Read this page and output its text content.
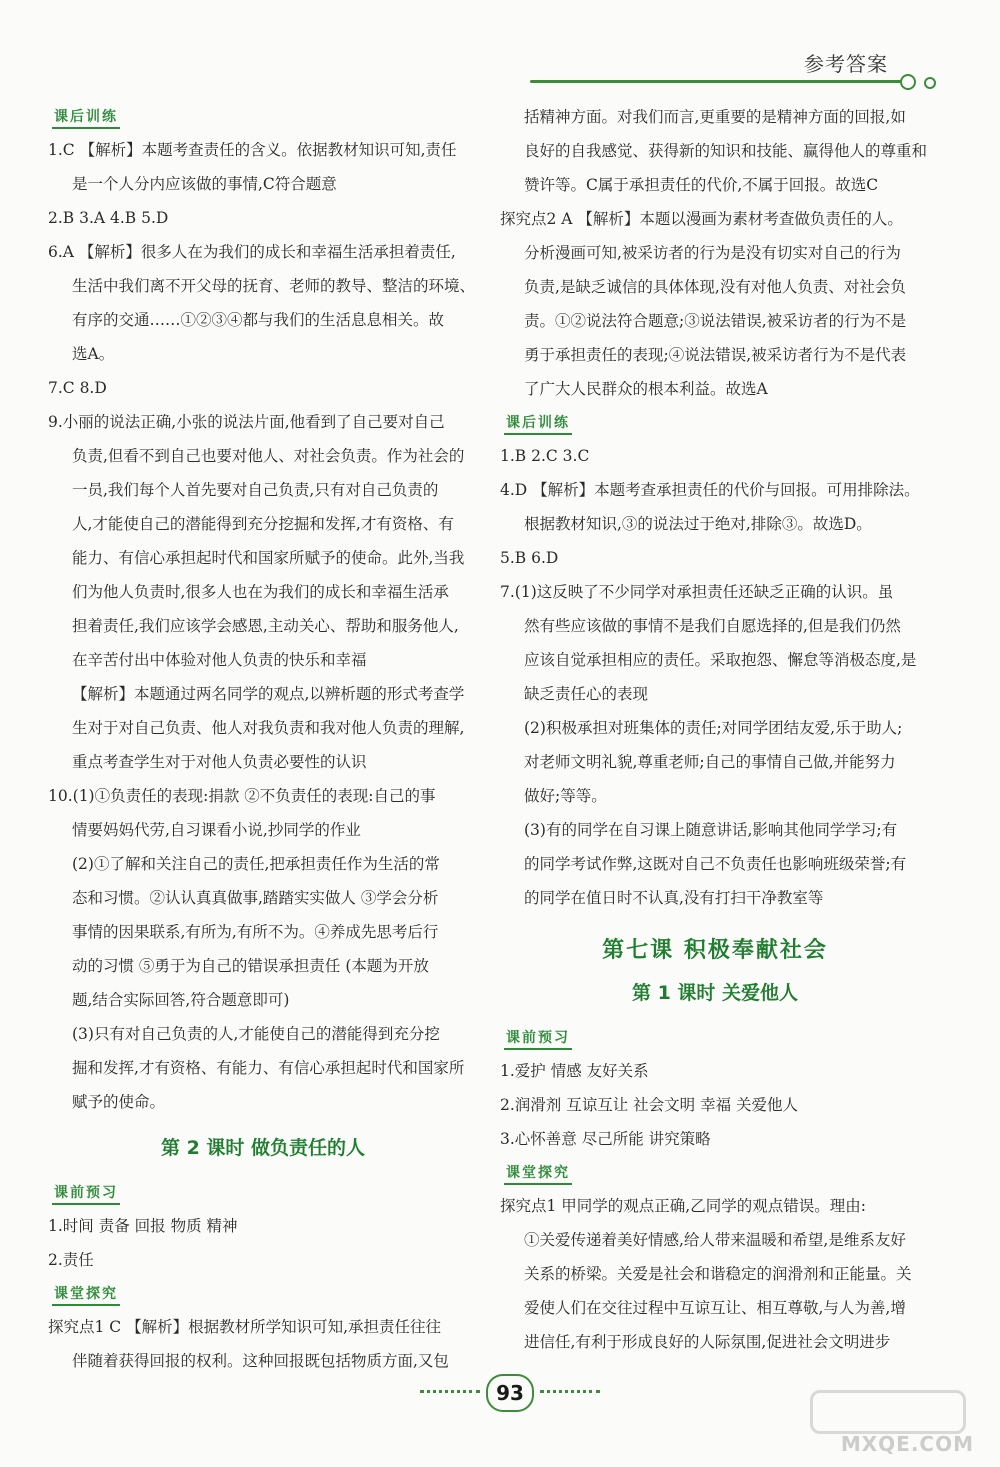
参考答案
课后训练

1.C 【解析】本题考查责任的含义。依据教材知识可知,责任

是一个人分内应该做的事情,C符合题意

2.B 3.A 4.B 5.D

6.A 【解析】很多人在为我们的成长和幸福生活承担着责任,

生活中我们离不开父母的抚育、老师的教导、整洁的环境、

有序的交通……①②③④都与我们的生活息息相关。故

选A。

7.C 8.D

9.小丽的说法正确,小张的说法片面,他看到了自己要对自己

负责,但看不到自己也要对他人、对社会负责。作为社会的

一员,我们每个人首先要对自己负责,只有对自己负责的

人,才能使自己的潜能得到充分挖掘和发挥,才有资格、有

能力、有信心承担起时代和国家所赋予的使命。此外,当我

们为他人负责时,很多人也在为我们的成长和幸福生活承

担着责任,我们应该学会感恩,主动关心、帮助和服务他人,

在辛苦付出中体验对他人负责的快乐和幸福

【解析】本题通过两名同学的观点,以辨析题的形式考查学

生对于对自己负责、他人对我负责和我对他人负责的理解,

重点考查学生对于对他人负责必要性的认识

10.(1)①负责任的表现:捐款 ②不负责任的表现:自己的事

情要妈妈代劳,自习课看小说,抄同学的作业

(2)①了解和关注自己的责任,把承担责任作为生活的常

态和习惯。②认认真真做事,踏踏实实做人 ③学会分析

事情的因果联系,有所为,有所不为。④养成先思考后行

动的习惯 ⑤勇于为自己的错误承担责任 (本题为开放

题,结合实际回答,符合题意即可)

(3)只有对自己负责的人,才能使自己的潜能得到充分挖

掘和发挥,才有资格、有能力、有信心承担起时代和国家所

赋予的使命。

第 2 课时 做负责任的人
课前预习

1.时间 责备 回报 物质 精神

2.责任

课堂探究

探究点1 C 【解析】根据教材所学知识可知,承担责任往往

伴随着获得回报的权利。这种回报既包括物质方面,又包

括精神方面。对我们而言,更重要的是精神方面的回报,如

良好的自我感觉、获得新的知识和技能、赢得他人的尊重和

赞许等。C属于承担责任的代价,不属于回报。故选C

探究点2 A 【解析】本题以漫画为素材考查做负责任的人。

分析漫画可知,被采访者的行为是没有切实对自己的行为

负责,是缺乏诚信的具体体现,没有对他人负责、对社会负

责。①②说法符合题意;③说法错误,被采访者的行为不是

勇于承担责任的表现;④说法错误,被采访者行为不是代表

了广大人民群众的根本利益。故选A

课后训练

1.B 2.C 3.C

4.D 【解析】本题考查承担责任的代价与回报。可用排除法。

根据教材知识,③的说法过于绝对,排除③。故选D。

5.B 6.D

7.(1)这反映了不少同学对承担责任还缺乏正确的认识。虽

然有些应该做的事情不是我们自愿选择的,但是我们仍然

应该自觉承担相应的责任。采取抱怨、懈怠等消极态度,是

缺乏责任心的表现

(2)积极承担对班集体的责任;对同学团结友爱,乐于助人;

对老师文明礼貌,尊重老师;自己的事情自己做,并能努力

做好;等等。

(3)有的同学在自习课上随意讲话,影响其他同学学习;有

的同学考试作弊,这既对自己不负责任也影响班级荣誉;有

的同学在值日时不认真,没有打扫干净教室等

第七课 积极奉献社会
第 1 课时 关爱他人
课前预习

1.爱护 情感 友好关系

2.润滑剂 互谅互让 社会文明 幸福 关爱他人

3.心怀善意 尽己所能 讲究策略

课堂探究

探究点1 甲同学的观点正确,乙同学的观点错误。理由:

①关爱传递着美好情感,给人带来温暖和希望,是维系友好

关系的桥梁。关爱是社会和谐稳定的润滑剂和正能量。关

爱使人们在交往过程中互谅互让、相互尊敬,与人为善,增

进信任,有利于形成良好的人际氛围,促进社会文明进步

93
MXQE.COM
